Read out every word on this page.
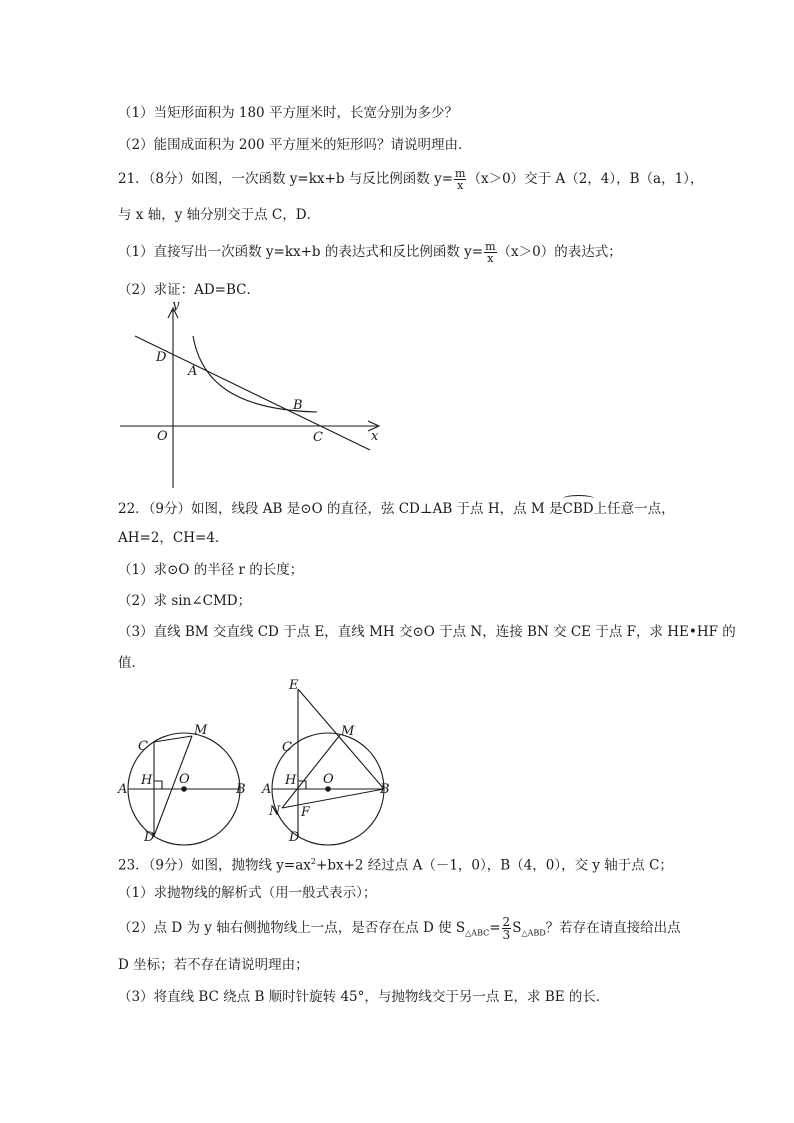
（1）当矩形面积为 180 平方厘米时，长宽分别为多少？
（2）能围成面积为 200 平方厘米的矩形吗？请说明理由．
21．（8分）如图，一次函数 y=kx+b 与反比例函数 $y= \frac{m}{x} (x>0)$交于 A（2，4），B（a，1），
与 x 轴，y 轴分别交于点 C，D．
（1）直接写出一次函数 y=kx+b 的表达式和反比例函数 $y= \frac{m}{x} (x>0)$的表达式；
（2）求证：AD=BC．
y
x
D
A
B
O	C
22．（9分）如图，线段 AB 是⊙O 的直径，弦 CD⊥AB 于点 H，点 M 是CBD上任意一点，
AH=2，CH=4．
（1）求⊙O 的半径 r 的长度；
（2）求 sin∠CMD；
（3）直线 BM 交直线 CD 于点 E，直线 MH 交⊙O 于点 N，连接 BN 交 CE 于点 F，求 HE•HF 的
值．
C
M
H O
A	B
D
E
C
M
H O
A	B
N F
D
23．（9分）如图，抛物线 $y=ax^2+bx+2$ 经过点 A（－1，0），B（4，0），交 y 轴于点 C；
（1）求抛物线的解析式（用一般式表示）；
（2）点 D 为 y 轴右侧抛物线上一点，是否存在点 D 使 $S_{\triangle ABC}= \frac{2}{3} S_{\triangle ABD}$？若存在请直接给出点
D 坐标；若不存在请说明理由；
（3）将直线 BC 绕点 B 顺时针旋转 45°，与抛物线交于另一点 E，求 BE 的长．
